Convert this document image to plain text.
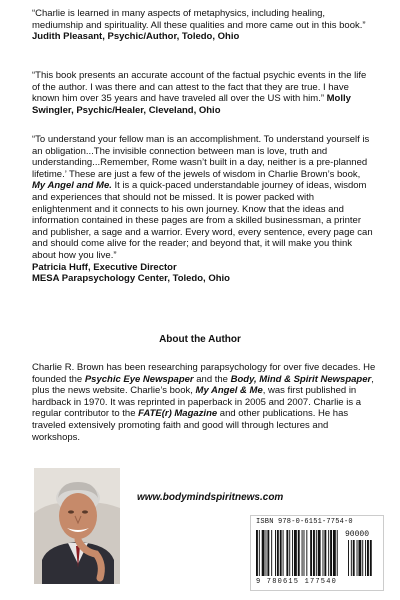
“Charlie is learned in many aspects of metaphysics, including healing, mediumship and spirituality. All these qualities and more came out in this book.” Judith Pleasant, Psychic/Author, Toledo, Ohio

“This book presents an accurate account of the factual psychic events in the life of the author. I was there and can attest to the fact that they are true. I have known him over 35 years and have traveled all over the US with him.” Molly Swingler, Psychic/Healer, Cleveland, Ohio

“To understand your fellow man is an accomplishment. To understand yourself is an obligation...The invisible connection between man is love, truth and understanding...Remember, Rome wasn’t built in a day, neither is a pre-planned lifetime.’ These are just a few of the jewels of wisdom in Charlie Brown’s book, My Angel and Me. It is a quick-paced understandable journey of ideas, wisdom and experiences that should not be missed. It is power packed with enlightenment and it connects to his own journey. Know that the ideas and information contained in these pages are from a skilled businessman, a printer and publisher, a sage and a warrior. Every word, every sentence, every page can and should come alive for the reader; and beyond that, it will make you think about how you live.”
Patricia Huff, Executive Director
MESA Parapsychology Center, Toledo, Ohio

About the Author

Charlie R. Brown has been researching parapsychology for over five decades. He founded the Psychic Eye Newspaper and the Body, Mind & Spirit Newspaper, plus the news website. Charlie’s book, My Angel & Me, was first published in hardback in 1970. It was reprinted in paperback in 2005 and 2007. Charlie is a regular contributor to the FATE(r) Magazine and other publications. He has traveled extensively promoting faith and good will through lectures and workshops.

www.bodymindspiritnews.com
ISBN 978-0-6151-7754-0
90000
9 780615 177540
